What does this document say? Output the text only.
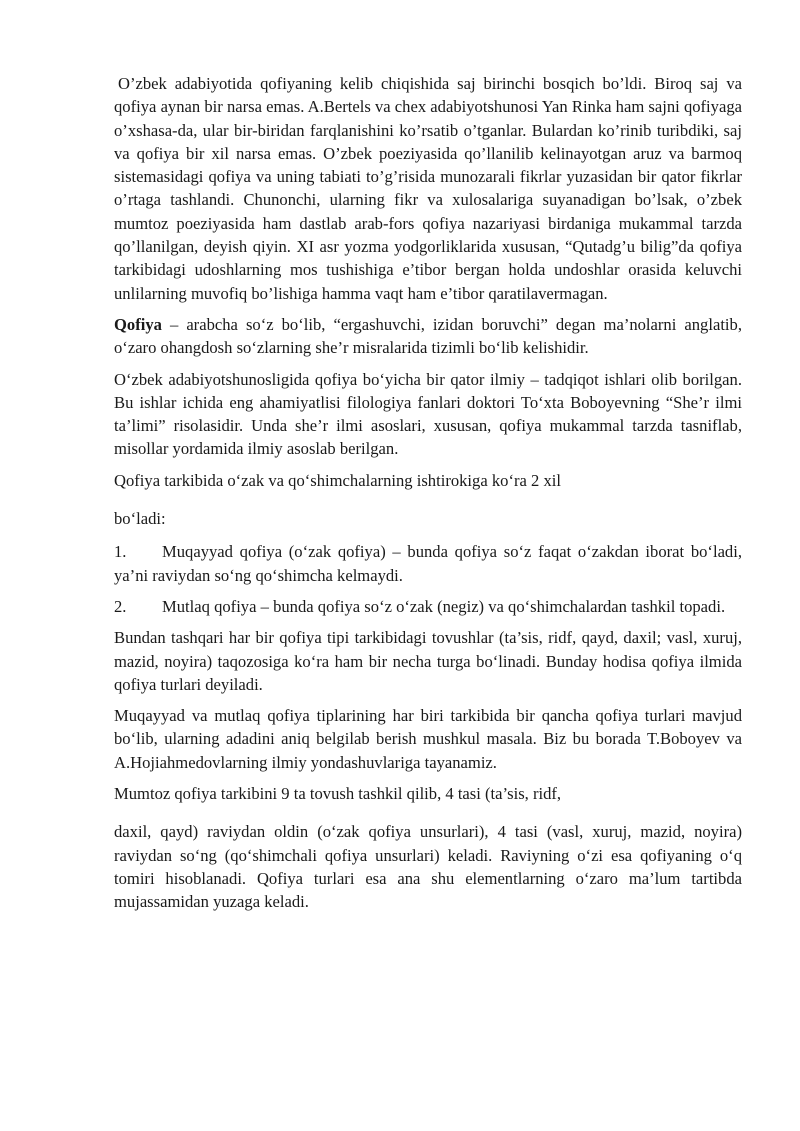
O’zbek adabiyotida qofiyaning kelib chiqishida saj birinchi bosqich bo’ldi. Biroq saj va qofiya aynan bir narsa emas. A.Bertels va chex adabiyotshunosi Yan Rinka ham sajni qofiyaga o’xshasa-da, ular bir-biridan farqlanishini ko’rsatib o’tganlar. Bulardan ko’rinib turibdiki, saj va qofiya bir xil narsa emas. O’zbek poeziyasida qo’llanilib kelinayotgan aruz va barmoq sistemasidagi qofiya va uning tabiati to’g’risida munozarali fikrlar yuzasidan bir qator fikrlar o’rtaga tashlandi. Chunonchi, ularning fikr va xulosalariga suyanadigan bo’lsak, o’zbek mumtoz poeziyasida ham dastlab arab-fors qofiya nazariyasi birdaniga mukammal tarzda qo’llanilgan, deyish qiyin. XI asr yozma yodgorliklarida xususan, “Qutadg’u bilig”da qofiya tarkibidagi udoshlarning mos tushishiga e’tibor bergan holda undoshlar orasida keluvchi unlilarning muvofiq bo’lishiga hamma vaqt ham e’tibor qaratilavermagan.

Qofiya – arabcha so‘z bo‘lib, “ergashuvchi, izidan boruvchi” degan ma’nolarni anglatib, o‘zaro ohangdosh so‘zlarning she’r misralarida tizimli bo‘lib kelishidir.

O‘zbek adabiyotshunosligida qofiya bo‘yicha bir qator ilmiy – tadqiqot ishlari olib borilgan. Bu ishlar ichida eng ahamiyatlisi filologiya fanlari doktori To‘xta Boboyevning “She’r ilmi ta’limi” risolasidir. Unda she’r ilmi asoslari, xususan, qofiya mukammal tarzda tasniflab, misollar yordamida ilmiy asoslab berilgan.

Qofiya tarkibida o‘zak va qo‘shimchalarning ishtirokiga ko‘ra 2 xil

bo‘ladi:

1. Muqayyad qofiya (o‘zak qofiya) – bunda qofiya so‘z faqat o‘zakdan iborat bo‘ladi, ya’ni raviydan so‘ng qo‘shimcha kelmaydi.
2. Mutlaq qofiya – bunda qofiya so‘z o‘zak (negiz) va qo‘shimchalardan tashkil topadi.

Bundan tashqari har bir qofiya tipi tarkibidagi tovushlar (ta’sis, ridf, qayd, daxil; vasl, xuruj, mazid, noyira) taqozosiga ko‘ra ham bir necha turga bo‘linadi. Bunday hodisa qofiya ilmida qofiya turlari deyiladi.

Muqayyad va mutlaq qofiya tiplarining har biri tarkibida bir qancha qofiya turlari mavjud bo‘lib, ularning adadini aniq belgilab berish mushkul masala. Biz bu borada T.Boboyev va A.Hojiahmedovlarning ilmiy yondashuvlariga tayanamiz.

Mumtoz qofiya tarkibini 9 ta tovush tashkil qilib, 4 tasi (ta’sis, ridf,

daxil, qayd) raviydan oldin (o‘zak qofiya unsurlari), 4 tasi (vasl, xuruj, mazid, noyira) raviydan so‘ng (qo‘shimchali qofiya unsurlari) keladi. Raviyning o‘zi esa qofiyaning o‘q tomiri hisoblanadi. Qofiya turlari esa ana shu elementlarning o‘zaro ma’lum tartibda mujassamidan yuzaga keladi.
